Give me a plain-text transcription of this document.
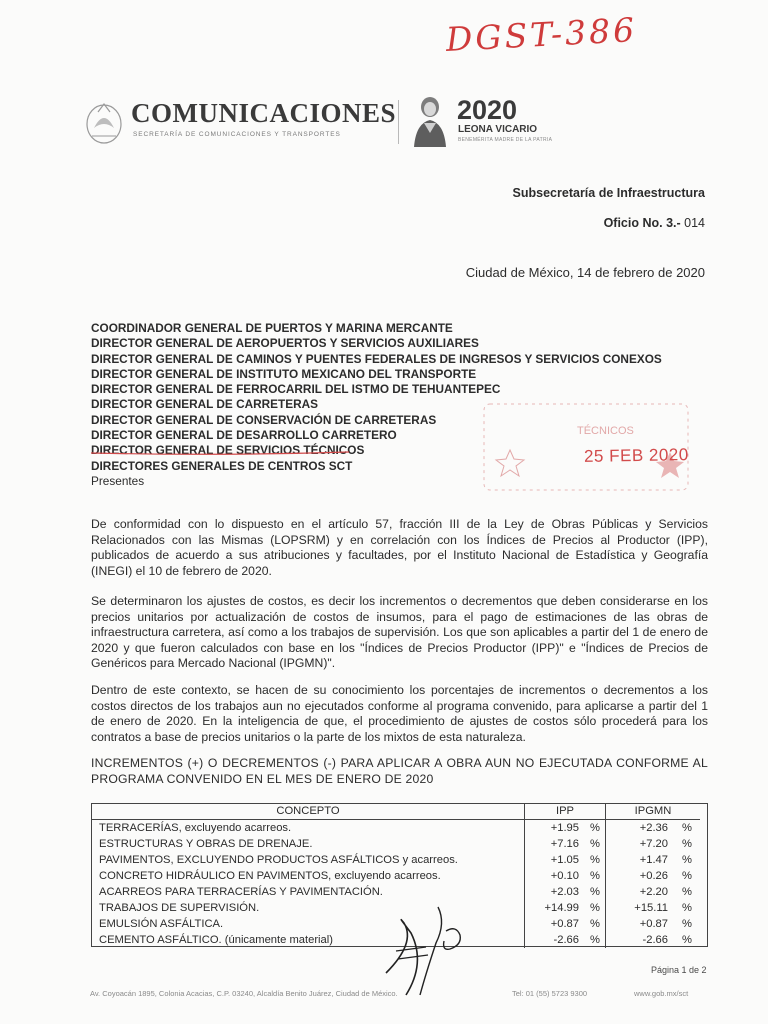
DGST-386
COMUNICACIONES
SECRETARÍA DE COMUNICACIONES Y TRANSPORTES
2020
LEONA VICARIO
BENEMÉRITA MADRE DE LA PATRIA
Subsecretaría de Infraestructura
Oficio No. 3.- 014
Ciudad de México, 14 de febrero de 2020
COORDINADOR GENERAL DE PUERTOS Y MARINA MERCANTE
DIRECTOR GENERAL DE AEROPUERTOS Y SERVICIOS AUXILIARES
DIRECTOR GENERAL DE CAMINOS Y PUENTES FEDERALES DE INGRESOS Y SERVICIOS CONEXOS
DIRECTOR GENERAL DE INSTITUTO MEXICANO DEL TRANSPORTE
DIRECTOR GENERAL DE FERROCARRIL DEL ISTMO DE TEHUANTEPEC
DIRECTOR GENERAL DE CARRETERAS
DIRECTOR GENERAL DE CONSERVACIÓN DE CARRETERAS
DIRECTOR GENERAL DE DESARROLLO CARRETERO
DIRECTOR GENERAL DE SERVICIOS TÉCNICOS
DIRECTORES GENERALES DE CENTROS SCT
Presentes
TÉCNICOS
25 FEB 2020
De conformidad con lo dispuesto en el artículo 57, fracción III de la Ley de Obras Públicas y Servicios Relacionados con las Mismas (LOPSRM) y en correlación con los Índices de Precios al Productor (IPP), publicados de acuerdo a sus atribuciones y facultades, por el Instituto Nacional de Estadística y Geografía (INEGI) el 10 de febrero de 2020.
Se determinaron los ajustes de costos, es decir los incrementos o decrementos que deben considerarse en los precios unitarios por actualización de costos de insumos, para el pago de estimaciones de las obras de infraestructura carretera, así como a los trabajos de supervisión. Los que son aplicables a partir del 1 de enero de 2020 y que fueron calculados con base en los "Índices de Precios Productor (IPP)" e "Índices de Precios de Genéricos para Mercado Nacional (IPGMN)".
Dentro de este contexto, se hacen de su conocimiento los porcentajes de incrementos o decrementos a los costos directos de los trabajos aun no ejecutados conforme al programa convenido, para aplicarse a partir del 1 de enero de 2020. En la inteligencia de que, el procedimiento de ajustes de costos sólo procederá para los contratos a base de precios unitarios o la parte de los mixtos de esta naturaleza.
INCREMENTOS (+) O DECREMENTOS (-) PARA APLICAR A OBRA AUN NO EJECUTADA CONFORME AL PROGRAMA CONVENIDO EN EL MES DE ENERO DE 2020
CONCEPTO	IPP		IPGMN	
TERRACERÍAS, excluyendo acarreos.	+1.95	%	+2.36	%
ESTRUCTURAS Y OBRAS DE DRENAJE.	+7.16	%	+7.20	%
PAVIMENTOS, EXCLUYENDO PRODUCTOS ASFÁLTICOS y acarreos.	+1.05	%	+1.47	%
CONCRETO HIDRÁULICO EN PAVIMENTOS, excluyendo acarreos.	+0.10	%	+0.26	%
ACARREOS PARA TERRACERÍAS Y PAVIMENTACIÓN.	+2.03	%	+2.20	%
TRABAJOS DE SUPERVISIÓN.	+14.99	%	+15.11	%
EMULSIÓN ASFÁLTICA.	+0.87	%	+0.87	%
CEMENTO ASFÁLTICO. (únicamente material)	-2.66	%	-2.66	%
Página 1 de 2
Av. Coyoacán 1895, Colonia Acacias, C.P. 03240, Alcaldía Benito Juárez, Ciudad de México.	Tel: 01 (55) 5723 9300	www.gob.mx/sct
